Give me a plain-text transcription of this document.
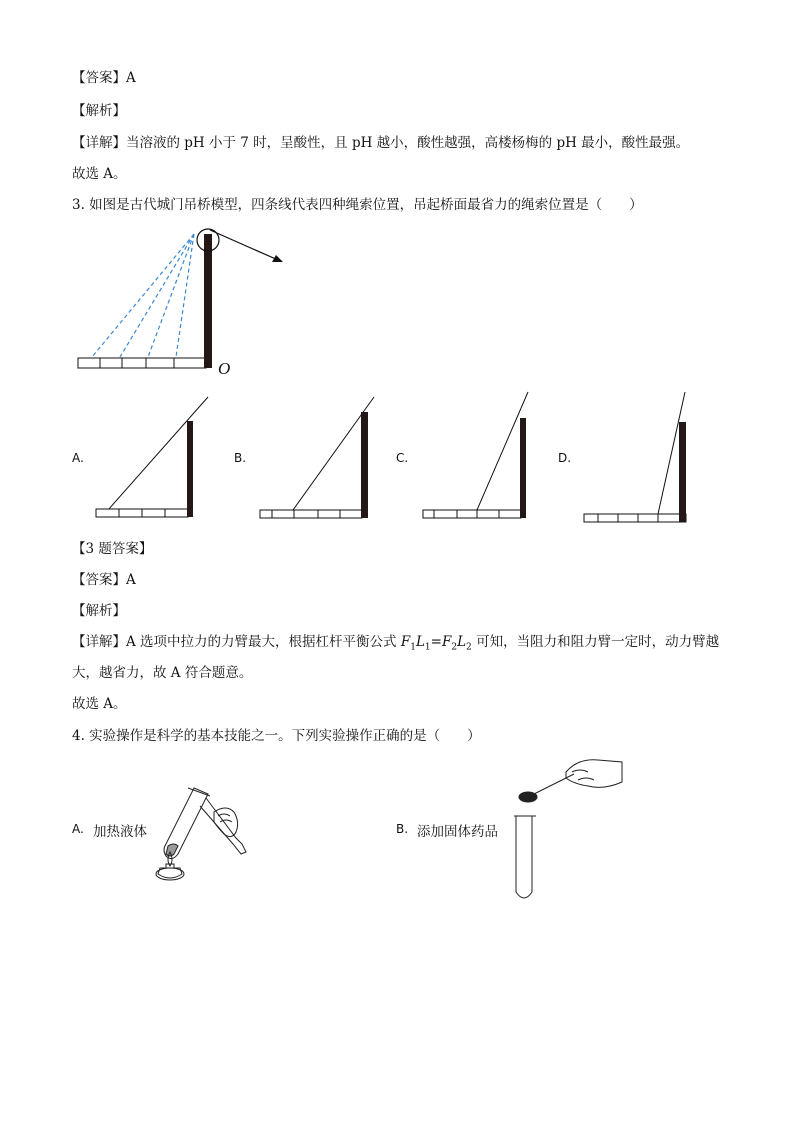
【答案】A
【解析】
【详解】当溶液的 pH 小于 7 时，呈酸性，且 pH 越小，酸性越强，高楼杨梅的 pH 最小，酸性最强。
故选 A。
3. 如图是古代城门吊桥模型，四条线代表四种绳索位置，吊起桥面最省力的绳索位置是（　　）
O
A.	B.	C.	D.
【3 题答案】
【答案】A
【解析】
【详解】A 选项中拉力的力臂最大，根据杠杆平衡公式 $F_1L_1=F_2L_2$ 可知，当阻力和阻力臂一定时，动力臂越
大，越省力，故 A 符合题意。
故选 A。
4. 实验操作是科学的基本技能之一。下列实验操作正确的是（　　）
A. 加热液体	B. 添加固体药品
